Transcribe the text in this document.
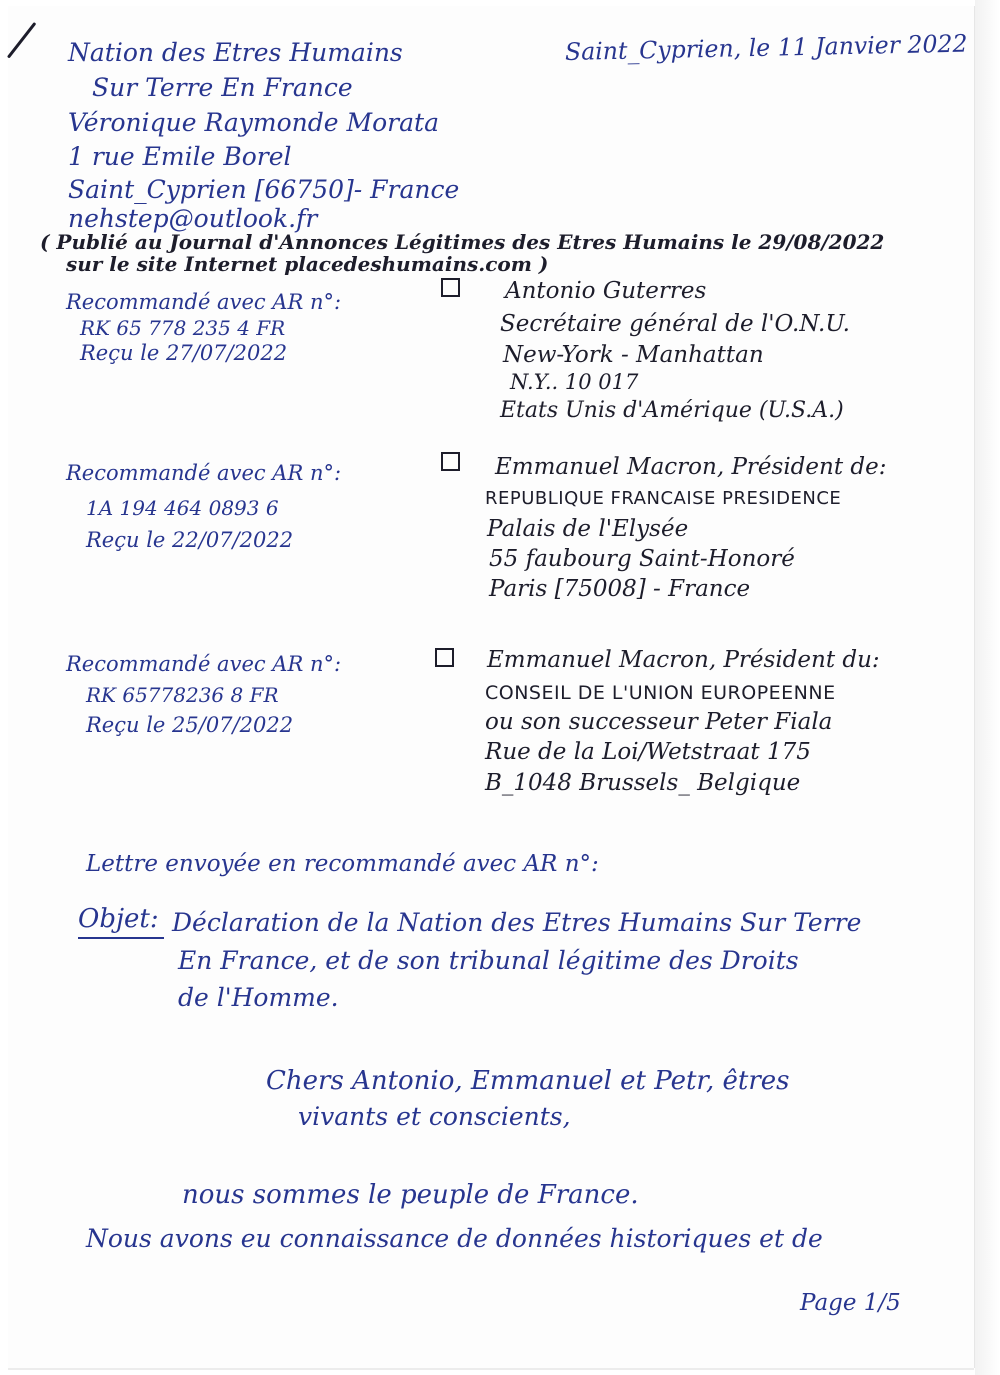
Nation des Etres Humains
Sur Terre En France
Véronique Raymonde Morata
1 rue Emile Borel
Saint_Cyprien [66750]- France
nehstep@outlook.fr
Saint_Cyprien, le 11 Janvier 2022
( Publié au Journal d'Annonces Légitimes des Etres Humains le 29/08/2022
sur le site Internet placedeshumains.com )
Recommandé avec AR n°:
RK 65 778 235 4 FR
Reçu le 27/07/2022
Antonio Guterres
Secrétaire général de l'O.N.U.
New-York - Manhattan
N.Y.. 10 017
Etats Unis d'Amérique (U.S.A.)
Recommandé avec AR n°:
1A 194 464 0893 6
Reçu le 22/07/2022
Emmanuel Macron, Président de:
REPUBLIQUE FRANCAISE PRESIDENCE
Palais de l'Elysée
55 faubourg Saint-Honoré
Paris [75008] - France
Recommandé avec AR n°:
RK 65778236 8 FR
Reçu le 25/07/2022
Emmanuel Macron, Président du:
CONSEIL DE L'UNION EUROPEENNE
ou son successeur Peter Fiala
Rue de la Loi/Wetstraat 175
B_1048 Brussels_ Belgique
Lettre envoyée en recommandé avec AR n°:
Objet: Déclaration de la Nation des Etres Humains Sur Terre
En France, et de son tribunal légitime des Droits
de l'Homme.
Chers Antonio, Emmanuel et Petr, êtres
vivants et conscients,
nous sommes le peuple de France.
Nous avons eu connaissance de données historiques et de
Page 1/5
